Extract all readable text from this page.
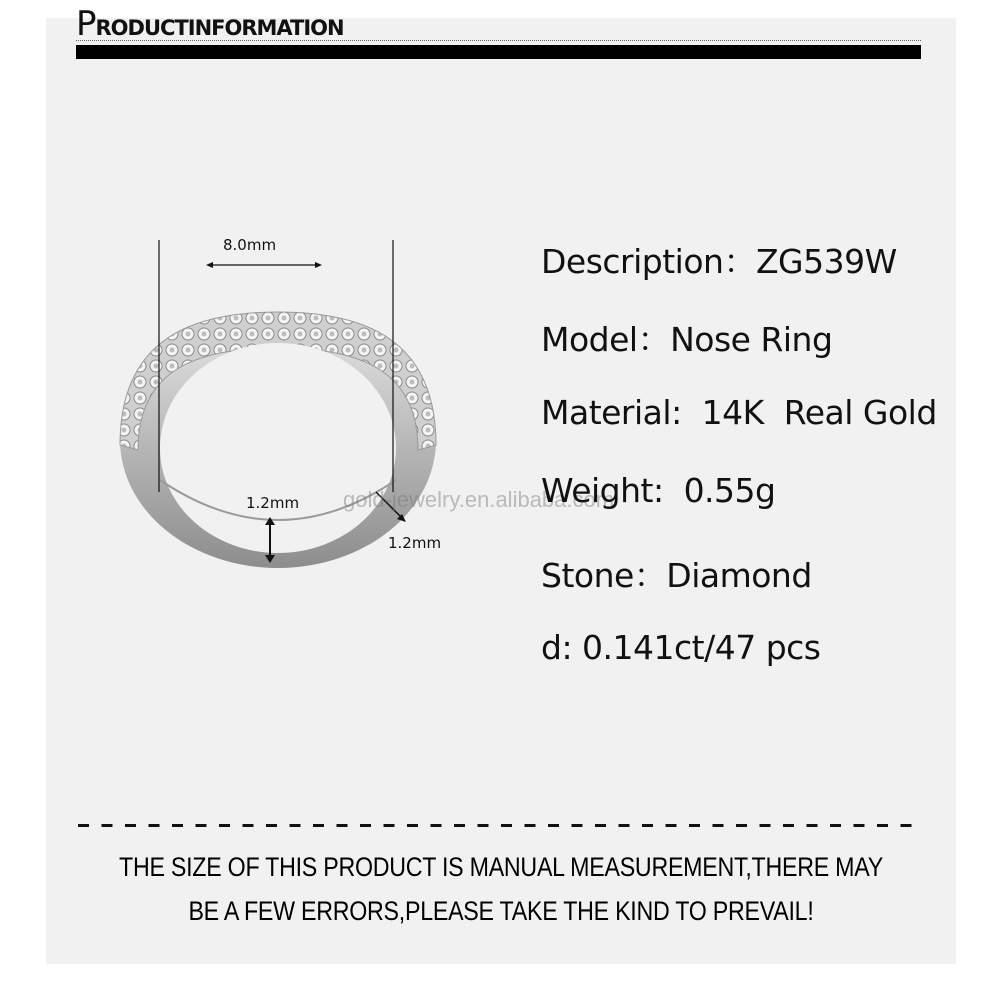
PRODUCTINFORMATION
8.0mm
1.2mm
1.2mm
gold-jewelry.en.alibaba.com
Description：ZG539W
Model：Nose Ring
Material:  14K  Real Gold
Weight:  0.55g
Stone：Diamond
d: 0.141ct/47 pcs
THE SIZE OF THIS PRODUCT IS MANUAL MEASUREMENT,THERE MAY
BE A FEW ERRORS,PLEASE TAKE THE KIND TO PREVAIL!
